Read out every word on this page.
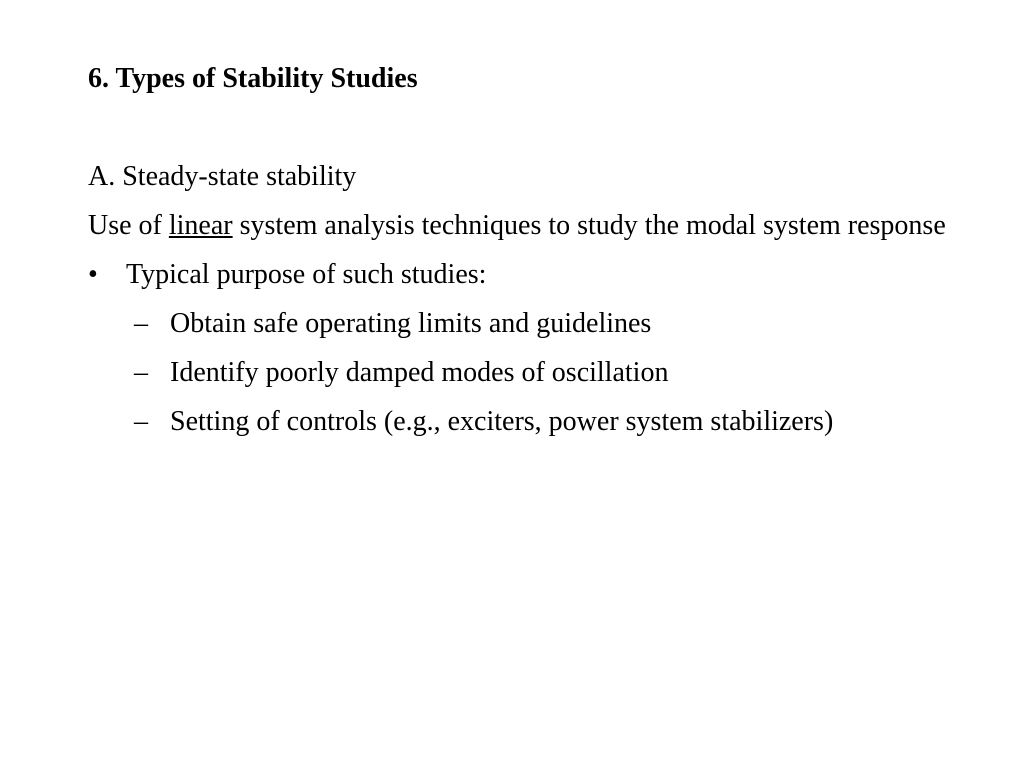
6. Types of Stability Studies
A. Steady-state stability
Use of linear system analysis techniques to study the modal system response
•	Typical purpose of such studies:
– Obtain safe operating limits and guidelines
– Identify poorly damped modes of oscillation
– Setting of controls (e.g., exciters, power system stabilizers)
